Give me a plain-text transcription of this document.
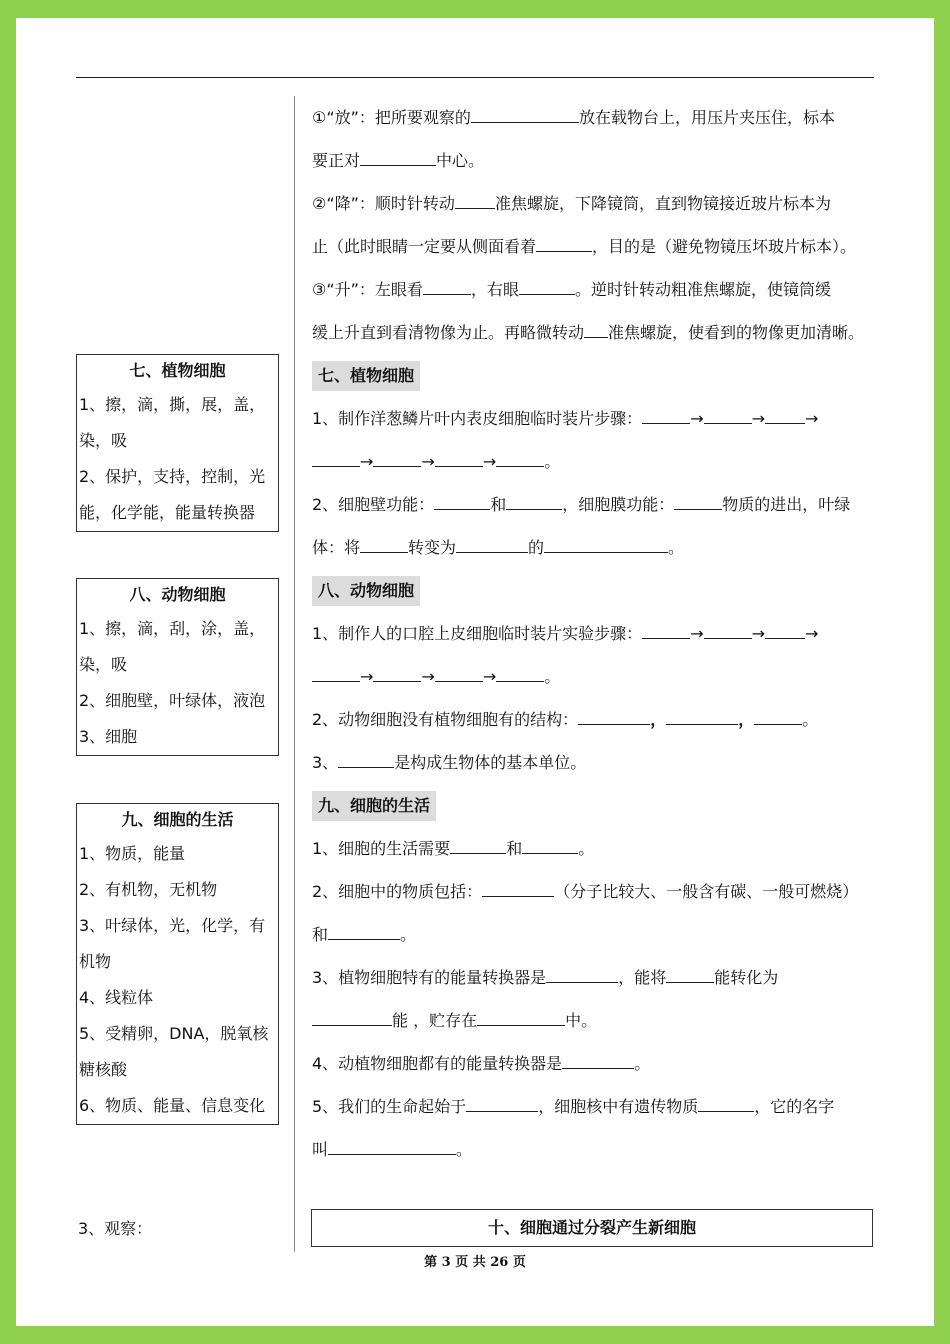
七、植物细胞
1、擦，滴，撕，展，盖，
染，吸
2、保护，支持，控制，光
能，化学能，能量转换器
八、动物细胞
1、擦，滴，刮，涂，盖，
染，吸
2、细胞壁，叶绿体，液泡
3、细胞
九、细胞的生活
1、物质，能量
2、有机物，无机物
3、叶绿体，光，化学，有
机物
4、线粒体
5、受精卵，DNA，脱氧核
糖核酸
6、物质、能量、信息变化
3、观察：

①“放”：把所要观察的	放在载物台上，用压片夹压住，标本

要正对	中心。

②“降”：顺时针转动	准焦螺旋，下降镜筒，直到物镜接近玻片标本为

止（此时眼睛一定要从侧面看着	，目的是（避免物镜压坏玻片标本）。

③“升”：左眼看	，右眼	。逆时针转动粗准焦螺旋，使镜筒缓

缓上升直到看清物像为止。再略微转动 准焦螺旋，使看到的物像更加清晰。

七、植物细胞

1、制作洋葱鳞片叶内表皮细胞临时装片步骤：	→	→	→

→	→	→	。

2、细胞壁功能：	和	，细胞膜功能：	物质的进出，叶绿

体：将	转变为	的	。

八、动物细胞

1、制作人的口腔上皮细胞临时装片实验步骤：	→	→	→

→	→	→	。

2、动物细胞没有植物细胞有的结构：	，	，	。

3、	是构成生物体的基本单位。

九、细胞的生活

1、细胞的生活需要	和	。

2、细胞中的物质包括：	（分子比较大、一般含有碳、一般可燃烧）

和	。

3、植物细胞特有的能量转换器是	，能将	能转化为

能 ，贮存在	中。

4、动植物细胞都有的能量转换器是	。

5、我们的生命起始于	，细胞核中有遗传物质	，它的名字

叫	。

十、细胞通过分裂产生新细胞
第 3 页 共 26 页
